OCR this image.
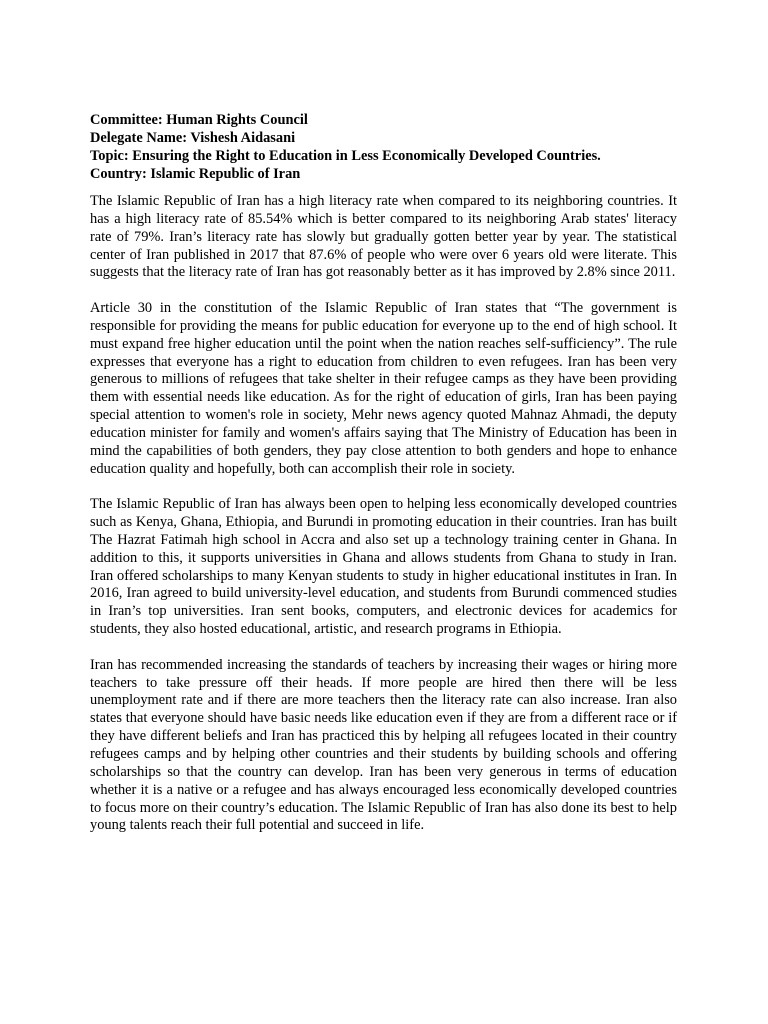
Committee: Human Rights Council
Delegate Name: Vishesh Aidasani
Topic: Ensuring the Right to Education in Less Economically Developed Countries.
Country: Islamic Republic of Iran

The Islamic Republic of Iran has a high literacy rate when compared to its neighboring countries. It has a high literacy rate of 85.54% which is better compared to its neighboring Arab states' literacy rate of 79%. Iran’s literacy rate has slowly but gradually gotten better year by year. The statistical center of Iran published in 2017 that 87.6% of people who were over 6 years old were literate. This suggests that the literacy rate of Iran has got reasonably better as it has improved by 2.8% since 2011.

Article 30 in the constitution of the Islamic Republic of Iran states that “The government is responsible for providing the means for public education for everyone up to the end of high school. It must expand free higher education until the point when the nation reaches self-sufficiency”. The rule expresses that everyone has a right to education from children to even refugees. Iran has been very generous to millions of refugees that take shelter in their refugee camps as they have been providing them with essential needs like education. As for the right of education of girls, Iran has been paying special attention to women's role in society, Mehr news agency quoted Mahnaz Ahmadi, the deputy education minister for family and women's affairs saying that The Ministry of Education has been in mind the capabilities of both genders, they pay close attention to both genders and hope to enhance education quality and hopefully, both can accomplish their role in society.

The Islamic Republic of Iran has always been open to helping less economically developed countries such as Kenya, Ghana, Ethiopia, and Burundi in promoting education in their countries. Iran has built The Hazrat Fatimah high school in Accra and also set up a technology training center in Ghana. In addition to this, it supports universities in Ghana and allows students from Ghana to study in Iran. Iran offered scholarships to many Kenyan students to study in higher educational institutes in Iran. In 2016, Iran agreed to build university-level education, and students from Burundi commenced studies in Iran’s top universities. Iran sent books, computers, and electronic devices for academics for students, they also hosted educational, artistic, and research programs in Ethiopia.

Iran has recommended increasing the standards of teachers by increasing their wages or hiring more teachers to take pressure off their heads. If more people are hired then there will be less unemployment rate and if there are more teachers then the literacy rate can also increase. Iran also states that everyone should have basic needs like education even if they are from a different race or if they have different beliefs and Iran has practiced this by helping all refugees located in their country refugees camps and by helping other countries and their students by building schools and offering scholarships so that the country can develop. Iran has been very generous in terms of education whether it is a native or a refugee and has always encouraged less economically developed countries to focus more on their country’s education. The Islamic Republic of Iran has also done its best to help young talents reach their full potential and succeed in life.
